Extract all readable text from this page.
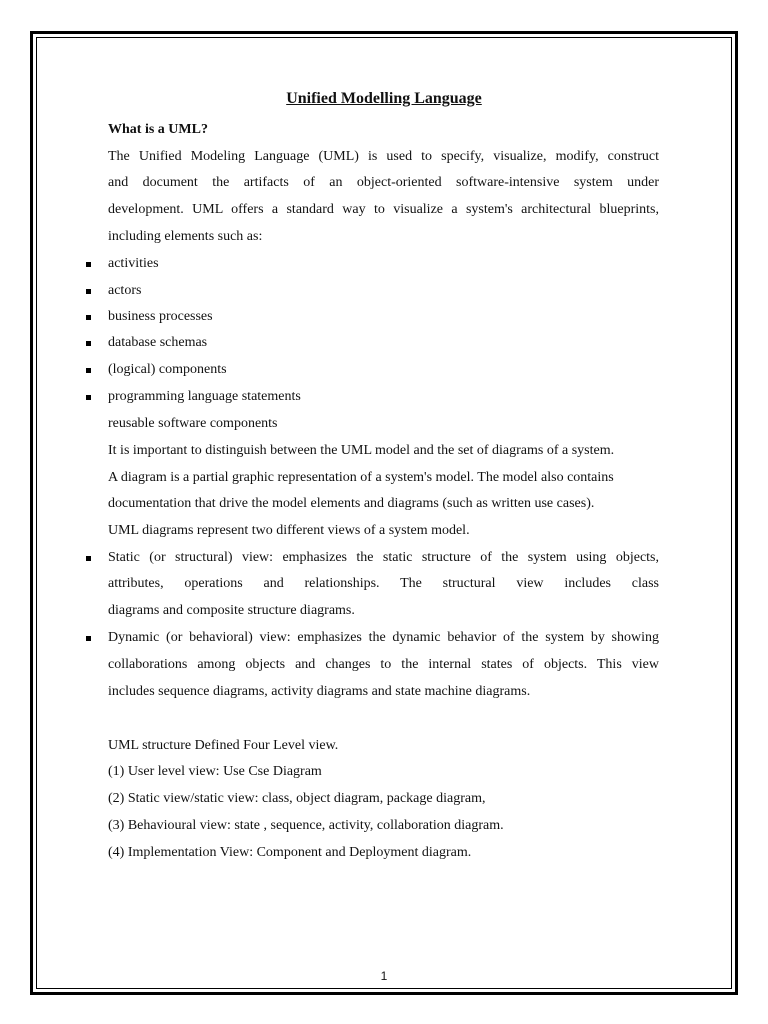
Unified Modelling Language
What is a UML?
The Unified Modeling Language (UML) is used to specify, visualize, modify, construct
and document the artifacts of an object-oriented software-intensive system under
development. UML offers a standard way to visualize a system's architectural blueprints,
including elements such as:
activities
actors
business processes
database schemas
(logical) components
programming language statements
reusable software components
It is important to distinguish between the UML model and the set of diagrams of a system.
A diagram is a partial graphic representation of a system's model. The model also contains
documentation that drive the model elements and diagrams (such as written use cases).
UML diagrams represent two different views of a system model.
Static (or structural) view: emphasizes the static structure of the system using objects,
attributes, operations and relationships. The structural view includes class
diagrams and composite structure diagrams.
Dynamic (or behavioral) view: emphasizes the dynamic behavior of the system by showing
collaborations among objects and changes to the internal states of objects. This view
includes sequence diagrams, activity diagrams and state machine diagrams.
UML structure Defined Four Level view.
(1) User level view: Use Cse Diagram
(2) Static view/static view: class, object diagram, package diagram,
(3) Behavioural view: state , sequence, activity, collaboration diagram.
(4) Implementation View: Component and Deployment diagram.
1
